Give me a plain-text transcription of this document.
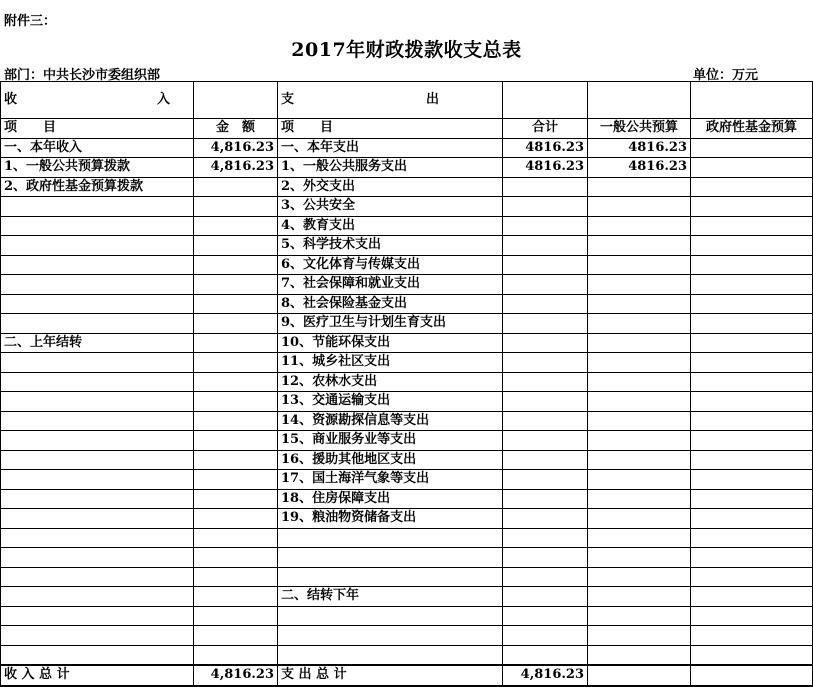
附件三：
2017年财政拨款收支总表
部门：中共长沙市委组织部	单位：万元
收 入		支 出			

项　　目	金　额	项　　目	合计	一般公共预算	政府性基金预算
一、本年收入	4,816.23	一、本年支出	4816.23	4816.23	
1、一般公共预算拨款	4,816.23	1、一般公共服务支出	4816.23	4816.23	
2、政府性基金预算拨款		2、外交支出			
		3、公共安全			
		4、教育支出			
		5、科学技术支出			
		6、文化体育与传媒支出			
		7、社会保障和就业支出			
		8、社会保险基金支出			
		9、医疗卫生与计划生育支出			
二、上年结转		10、节能环保支出			
		11、城乡社区支出			
		12、农林水支出			
		13、交通运输支出			
		14、资源勘探信息等支出			
		15、商业服务业等支出			
		16、援助其他地区支出			
		17、国土海洋气象等支出			
		18、住房保障支出			
		19、粮油物资储备支出			

		二、结转下年			

收 入 总 计	4,816.23	支 出 总 计	4,816.23		
